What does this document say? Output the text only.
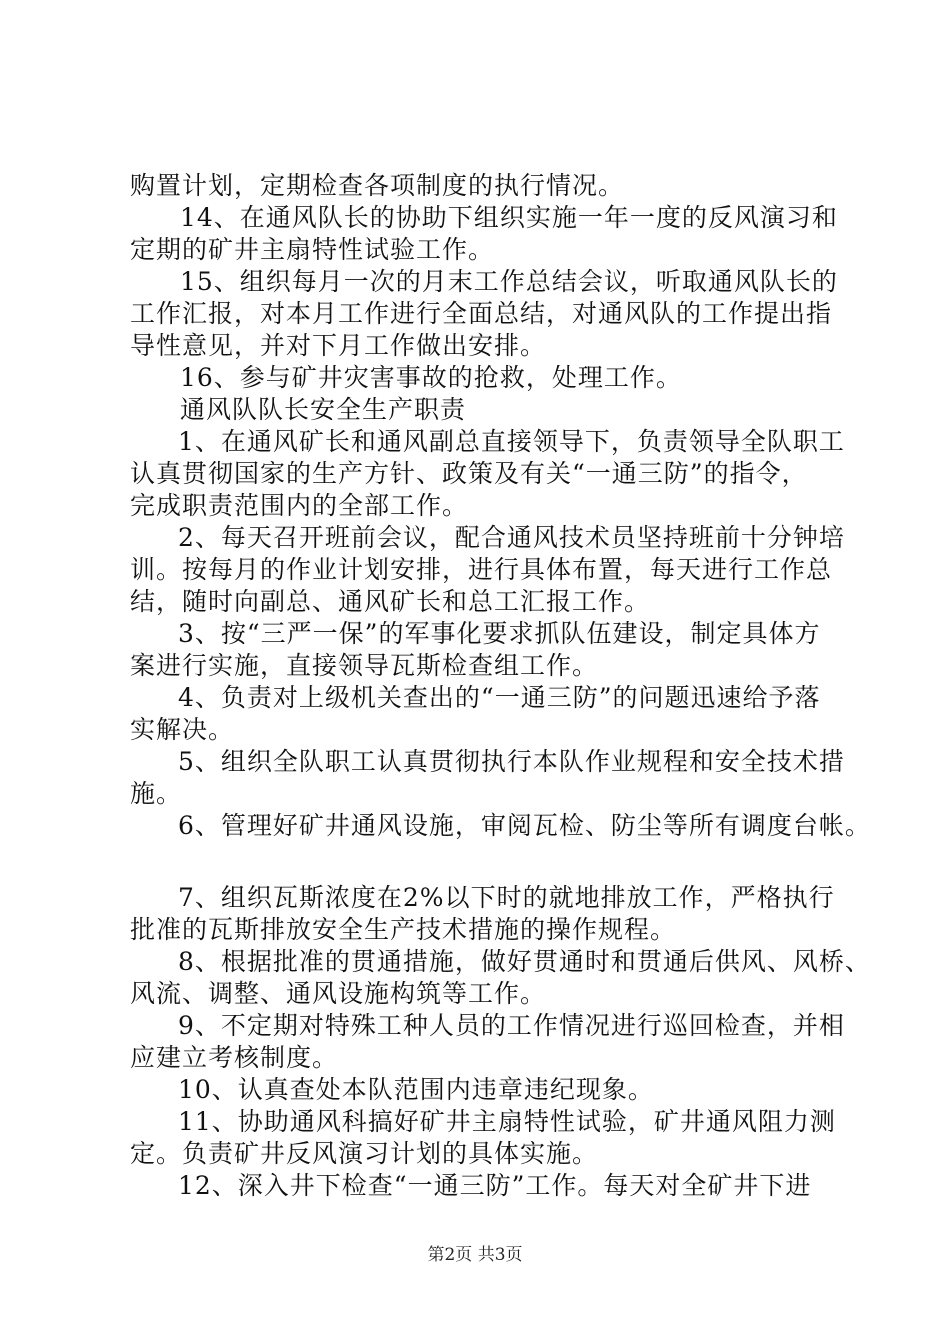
购置计划，定期检查各项制度的执行情况。
14、在通风队长的协助下组织实施一年一度的反风演习和
定期的矿井主扇特性试验工作。
15、组织每月一次的月末工作总结会议，听取通风队长的
工作汇报，对本月工作进行全面总结，对通风队的工作提出指
导性意见，并对下月工作做出安排。
16、参与矿井灾害事故的抢救，处理工作。
通风队队长安全生产职责
1、在通风矿长和通风副总直接领导下，负责领导全队职工
认真贯彻国家的生产方针、政策及有关“一通三防”的指令，
完成职责范围内的全部工作。
2、每天召开班前会议，配合通风技术员坚持班前十分钟培
训。按每月的作业计划安排，进行具体布置，每天进行工作总
结，随时向副总、通风矿长和总工汇报工作。
3、按“三严一保”的军事化要求抓队伍建设，制定具体方
案进行实施，直接领导瓦斯检查组工作。
4、负责对上级机关查出的“一通三防”的问题迅速给予落
实解决。
5、组织全队职工认真贯彻执行本队作业规程和安全技术措
施。
6、管理好矿井通风设施，审阅瓦检、防尘等所有调度台帐。
7、组织瓦斯浓度在2%以下时的就地排放工作，严格执行
批准的瓦斯排放安全生产技术措施的操作规程。
8、根据批准的贯通措施，做好贯通时和贯通后供风、风桥、
风流、调整、通风设施构筑等工作。
9、不定期对特殊工种人员的工作情况进行巡回检查，并相
应建立考核制度。
10、认真查处本队范围内违章违纪现象。
11、协助通风科搞好矿井主扇特性试验，矿井通风阻力测
定。负责矿井反风演习计划的具体实施。
12、深入井下检查“一通三防”工作。每天对全矿井下进
第2页 共3页
